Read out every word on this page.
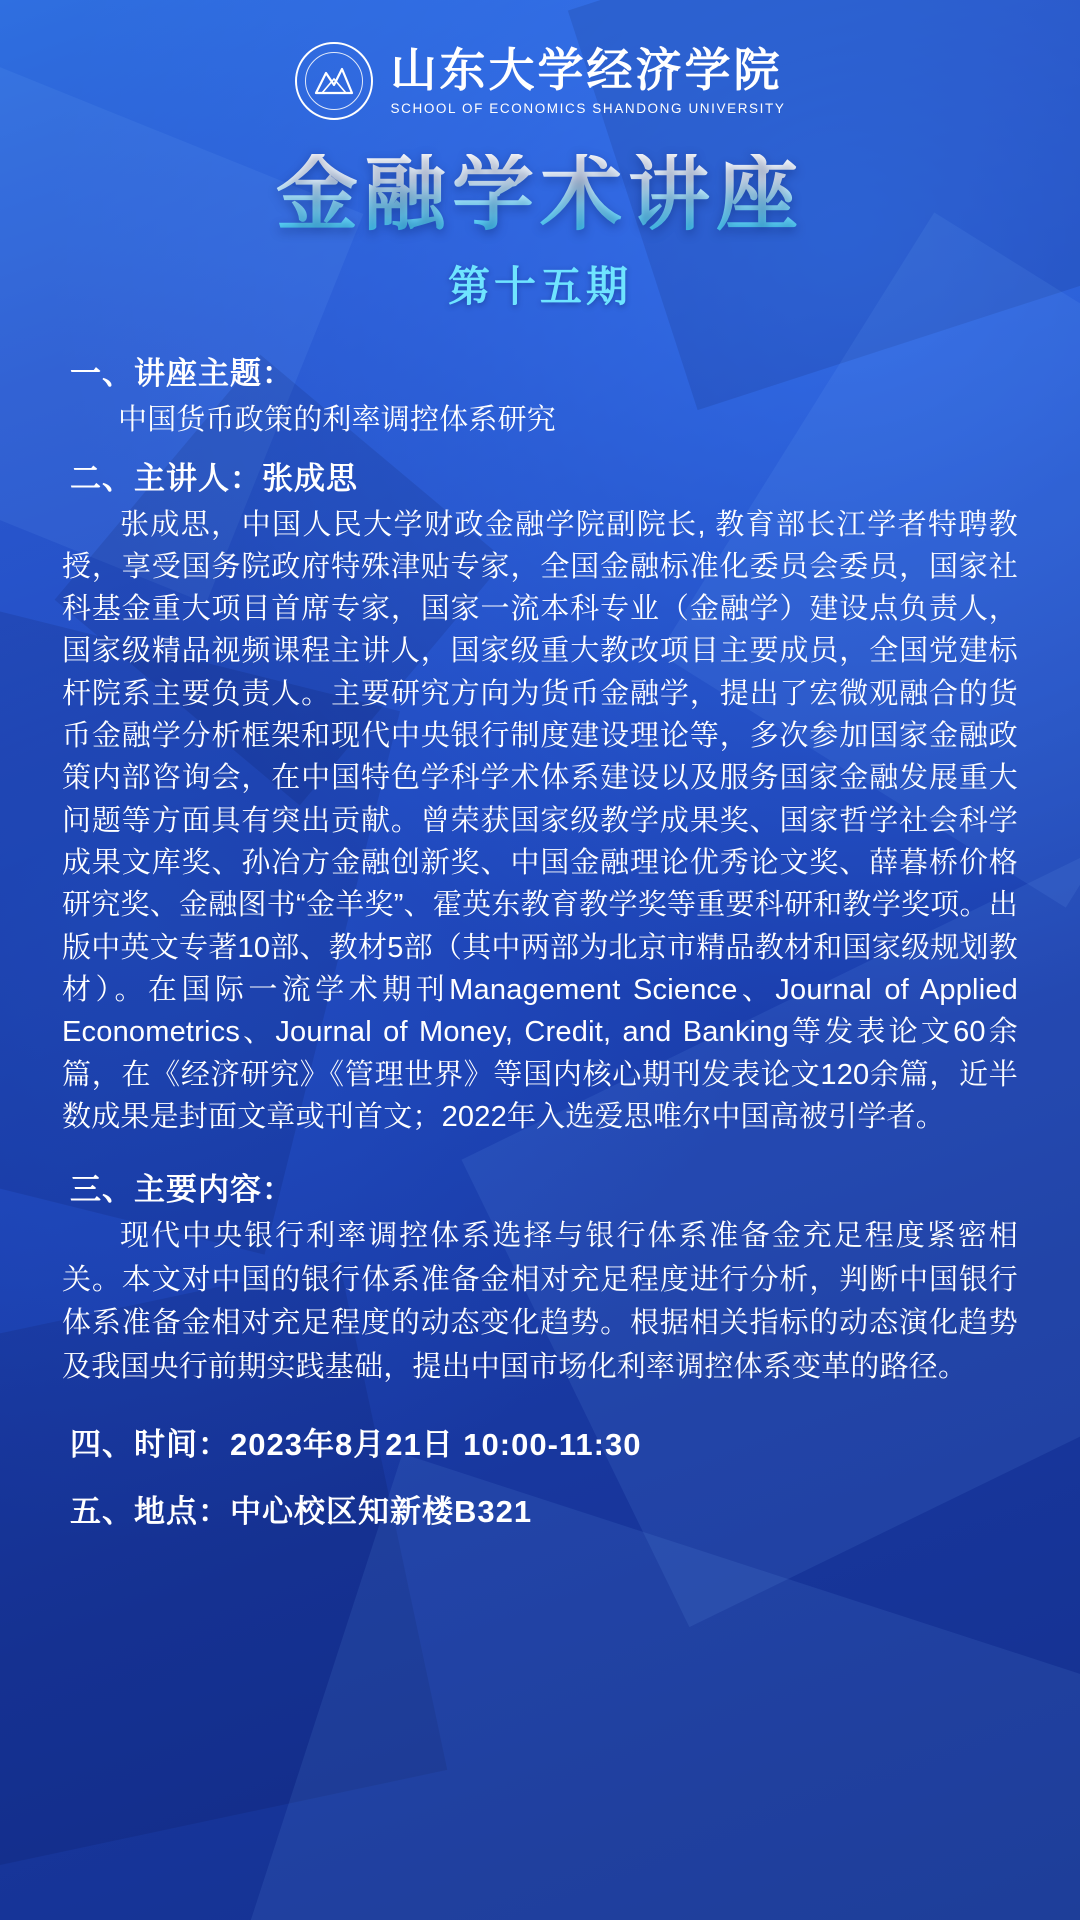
山东大学经济学院
SCHOOL OF ECONOMICS SHANDONG UNIVERSITY
金融学术讲座
第十五期
一、讲座主题：

中国货币政策的利率调控体系研究

二、主讲人：张成思

张成思，中国人民大学财政金融学院副院长, 教育部长江学者特聘教授，享受国务院政府特殊津贴专家，全国金融标准化委员会委员，国家社科基金重大项目首席专家，国家一流本科专业（金融学）建设点负责人，国家级精品视频课程主讲人，国家级重大教改项目主要成员，全国党建标杆院系主要负责人。主要研究方向为货币金融学，提出了宏微观融合的货币金融学分析框架和现代中央银行制度建设理论等，多次参加国家金融政策内部咨询会，在中国特色学科学术体系建设以及服务国家金融发展重大问题等方面具有突出贡献。曾荣获国家级教学成果奖、国家哲学社会科学成果文库奖、孙冶方金融创新奖、中国金融理论优秀论文奖、薛暮桥价格研究奖、金融图书“金羊奖”、霍英东教育教学奖等重要科研和教学奖项。出版中英文专著10部、教材5部（其中两部为北京市精品教材和国家级规划教材）。在国际一流学术期刊Management Science、Journal of Applied Econometrics、Journal of Money, Credit, and Banking等发表论文60余篇，在《经济研究》《管理世界》等国内核心期刊发表论文120余篇，近半数成果是封面文章或刊首文；2022年入选爱思唯尔中国高被引学者。

三、主要内容：

现代中央银行利率调控体系选择与银行体系准备金充足程度紧密相关。本文对中国的银行体系准备金相对充足程度进行分析，判断中国银行体系准备金相对充足程度的动态变化趋势。根据相关指标的动态演化趋势及我国央行前期实践基础，提出中国市场化利率调控体系变革的路径。

四、时间：2023年8月21日 10:00-11:30
五、地点：中心校区知新楼B321
